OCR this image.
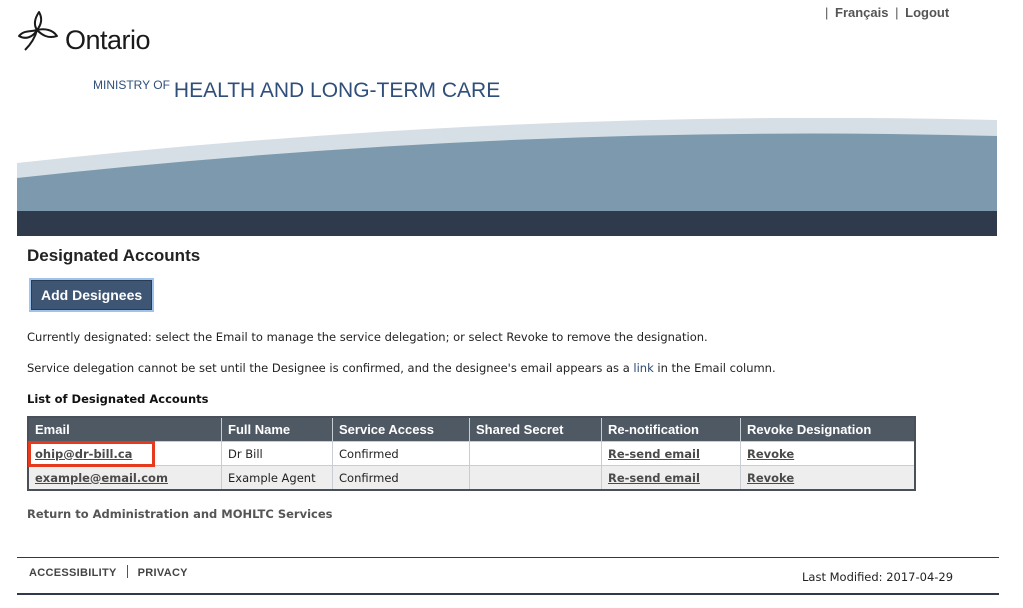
| Français | Logout
Ontario
$^{MINISTRY OF}$ HEALTH AND LONG-TERM CARE
Designated Accounts
Add Designees
Currently designated: select the Email to manage the service delegation; or select Revoke to remove the designation.
Service delegation cannot be set until the Designee is confirmed, and the designee's email appears as a link in the Email column.
List of Designated Accounts
Email	Full Name	Service Access	Shared Secret	Re-notification	Revoke Designation
ohip@dr-bill.ca	Dr Bill	Confirmed		Re-send email	Revoke
example@email.com	Example Agent	Confirmed		Re-send email	Revoke
Return to Administration and MOHLTC Services
ACCESSIBILITY PRIVACY	Last Modified: 2017-04-29
